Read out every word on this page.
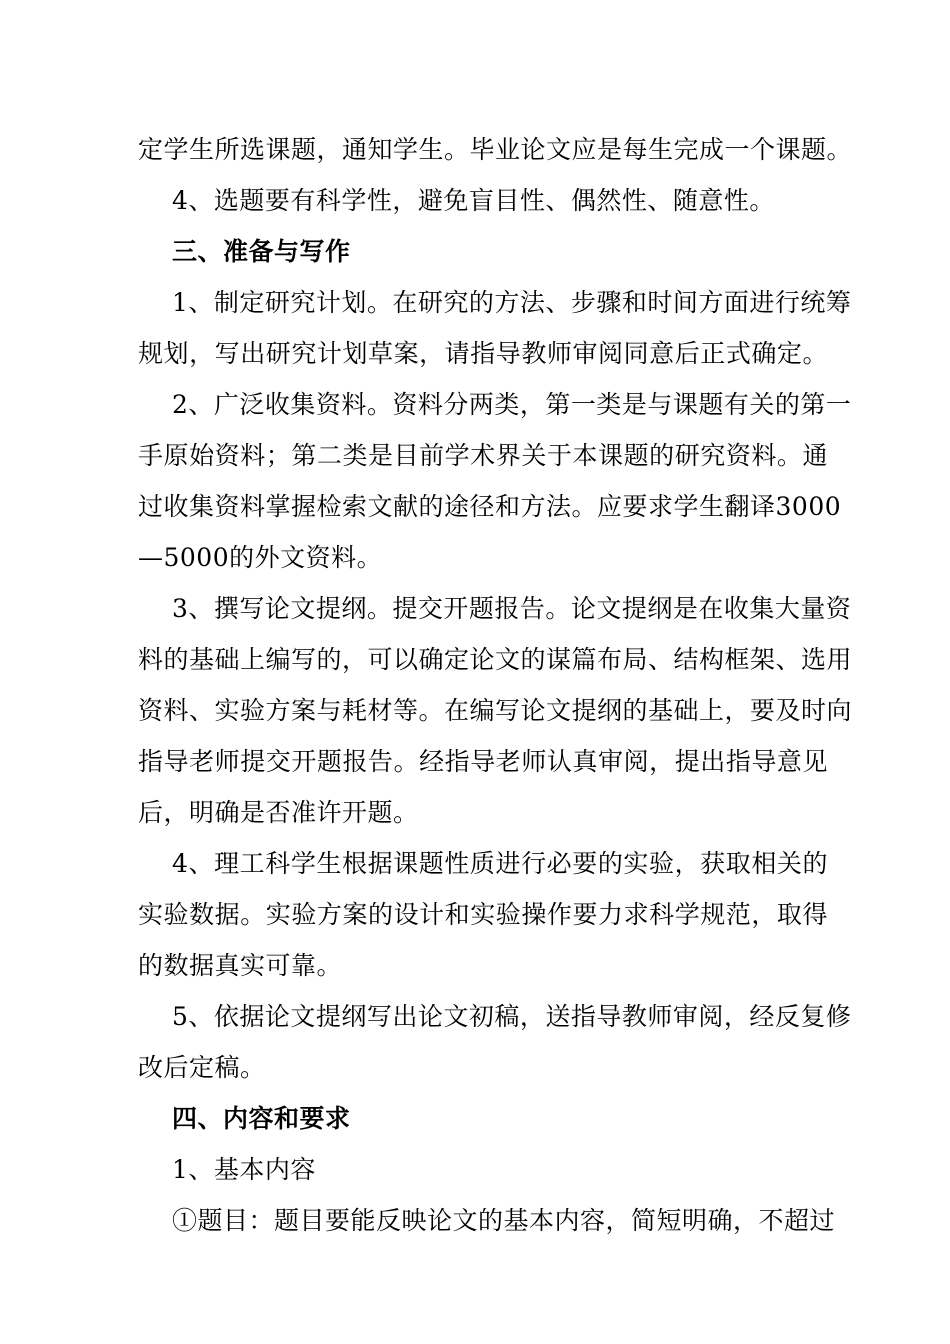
定学生所选课题，通知学生。毕业论文应是每生完成一个课题。
4、选题要有科学性，避免盲目性、偶然性、随意性。
三、准备与写作
1、制定研究计划。在研究的方法、步骤和时间方面进行统筹
规划，写出研究计划草案，请指导教师审阅同意后正式确定。
2、广泛收集资料。资料分两类，第一类是与课题有关的第一
手原始资料；第二类是目前学术界关于本课题的研究资料。通
过收集资料掌握检索文献的途径和方法。应要求学生翻译3000
—5000的外文资料。
3、撰写论文提纲。提交开题报告。论文提纲是在收集大量资
料的基础上编写的，可以确定论文的谋篇布局、结构框架、选用
资料、实验方案与耗材等。在编写论文提纲的基础上，要及时向
指导老师提交开题报告。经指导老师认真审阅，提出指导意见
后，明确是否准许开题。
4、理工科学生根据课题性质进行必要的实验，获取相关的
实验数据。实验方案的设计和实验操作要力求科学规范，取得
的数据真实可靠。
5、依据论文提纲写出论文初稿，送指导教师审阅，经反复修
改后定稿。
四、内容和要求
1、基本内容
①题目：题目要能反映论文的基本内容，简短明确，不超过
